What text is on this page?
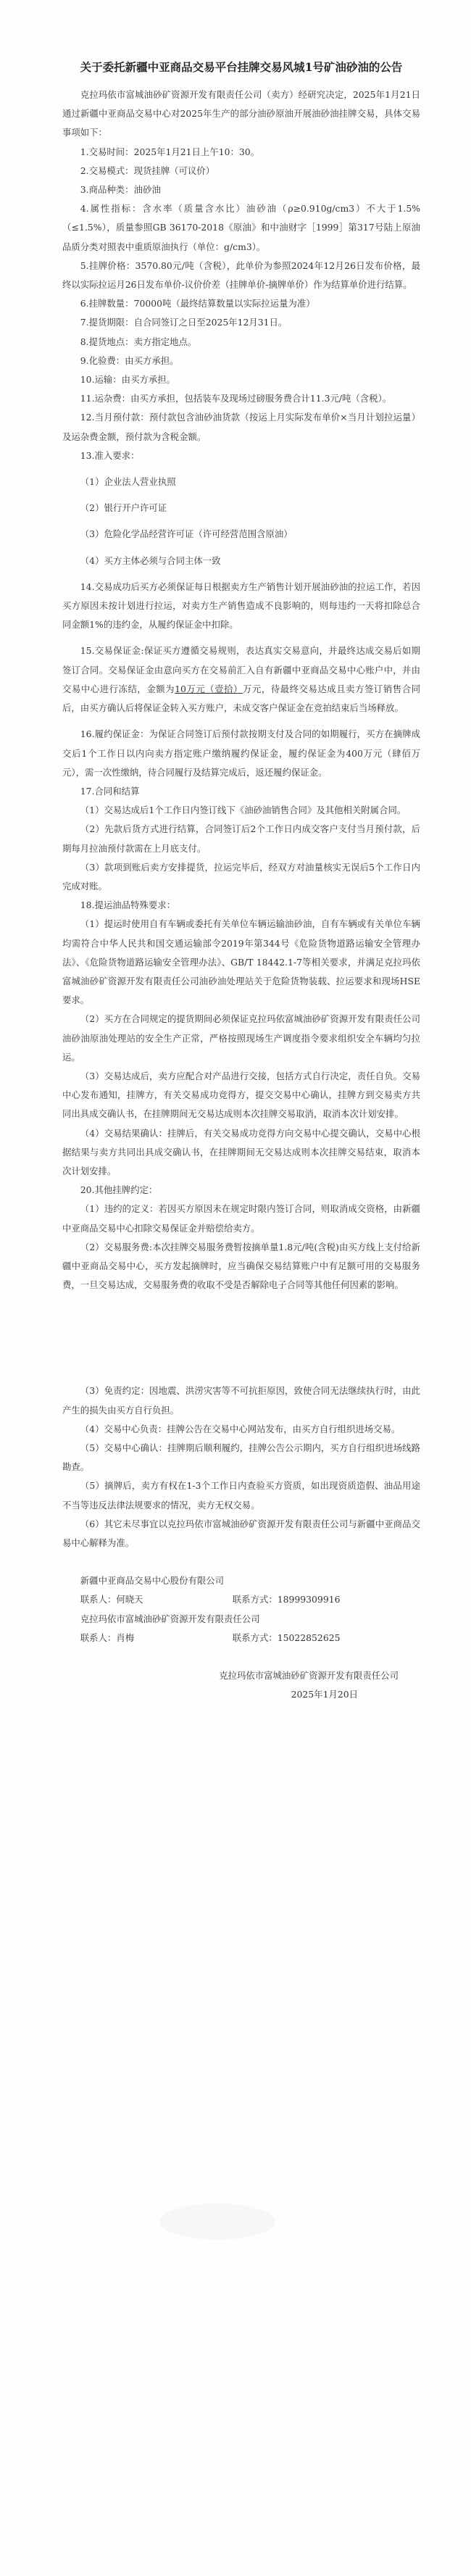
关于委托新疆中亚商品交易平台挂牌交易风城1号矿油砂油的公告

克拉玛依市富城油砂矿资源开发有限责任公司（卖方）经研究决定，2025年1月21日通过新疆中亚商品交易中心对2025年生产的部分油砂原油开展油砂油挂牌交易，具体交易事项如下：

1.交易时间：2025年1月21日上午10：30。

2.交易模式：现货挂牌（可议价）

3.商品种类：油砂油

4.属性指标：含水率（质量含水比）油砂油（ρ≥0.910g/cm3）不大于1.5%（≤1.5%），质量参照GB 36170-2018《原油》和中油财字［1999］第317号陆上原油品质分类对照表中重质原油执行（单位：g/cm3）。

5.挂牌价格：3570.80元/吨（含税），此单价为参照2024年12月26日发布价格，最终以实际拉运月26日发布单价-议价价差（挂牌单价-摘牌单价）作为结算单价进行结算。

6.挂牌数量：70000吨（最终结算数量以实际拉运量为准）

7.提货期限：自合同签订之日至2025年12月31日。

8.提货地点：卖方指定地点。

9.化验费：由买方承担。

10.运输：由买方承担。

11.运杂费：由买方承担，包括装车及现场过磅服务费合计11.3元/吨（含税）。

12.当月预付款：预付款包含油砂油货款（按运上月实际发布单价×当月计划拉运量）及运杂费金额，预付款为含税金额。

13.准入要求：

（1）企业法人营业执照

（2）银行开户许可证

（3）危险化学品经营许可证（许可经营范围含原油）

（4）买方主体必须与合同主体一致

14.交易成功后买方必须保证每日根据卖方生产销售计划开展油砂油的拉运工作，若因买方原因未按计划进行拉运，对卖方生产销售造成不良影响的，则每违约一天将扣除总合同金额1%的违约金，从履约保证金中扣除。

15.交易保证金:保证买方遵循交易规则，表达真实交易意向，并最终达成交易后如期签订合同。交易保证金由意向买方在交易前汇入自有新疆中亚商品交易中心账户中，并由交易中心进行冻结，金额为10万元（壹拾）万元，待最终交易达成且卖方签订销售合同后，由买方确认后将保证金转入买方账户，未成交客户保证金在竞拍结束后当场释放。

16.履约保证金：为保证合同签订后预付款按期支付及合同的如期履行，买方在摘牌成交后1个工作日以内向卖方指定账户缴纳履约保证金，履约保证金为400万元（肆佰万元），需一次性缴纳，待合同履行及结算完成后，返还履约保证金。

17.合同和结算

（1）交易达成后1个工作日内签订线下《油砂油销售合同》及其他相关附属合同。

（2）先款后货方式进行结算，合同签订后2个工作日内成交客户支付当月预付款，后期每月拉油预付款需在上月底支付。

（3）款项到账后卖方安排提货，拉运完毕后，经双方对油量核实无误后5个工作日内完成对账。

18.提运油品特殊要求：

（1）提运时使用自有车辆或委托有关单位车辆运输油砂油，自有车辆或有关单位车辆均需符合中华人民共和国交通运输部令2019年第344号《危险货物道路运输安全管理办法》、《危险货物道路运输安全管理办法》、GB/T 18442.1-7等相关要求，并满足克拉玛依富城油砂矿资源开发有限责任公司油砂油处理站关于危险货物装载、拉运要求和现场HSE要求。

（2）买方在合同规定的提货期间必须保证克拉玛依富城油砂矿资源开发有限责任公司油砂油原油处理站的安全生产正常，严格按照现场生产调度指令要求组织安全车辆均匀拉运。

（3）交易达成后，卖方应配合对产品进行交接，包括方式自行决定，责任自负。交易中心发布通知，挂牌方，有关交易成功竞得方，提交交易中心确认，挂牌方到交易卖方共同出具成交确认书，在挂牌期间无交易达成则本次挂牌交易取消，取消本次计划安排。

（4）交易结果确认：挂牌后，有关交易成功竞得方向交易中心提交确认，交易中心根据结果与卖方共同出具成交确认书，在挂牌期间无交易达成则本次挂牌交易结束，取消本次计划安排。

20.其他挂牌约定：

（1）违约的定义：若因买方原因未在规定时限内签订合同，则取消成交资格，由新疆中亚商品交易中心扣除交易保证金并赔偿给卖方。

（2）交易服务费:本次挂牌交易服务费暂按摘单量1.8元/吨(含税)由买方线上支付给新疆中亚商品交易中心，买方发起摘牌时，应当确保交易结算账户中有足额可用的交易服务费，一旦交易达成，交易服务费的收取不受是否解除电子合同等其他任何因素的影响。

（3）免责约定：因地震、洪涝灾害等不可抗拒原因，致使合同无法继续执行时，由此产生的损失由买方自行负担。

（4）交易中心负责：挂牌公告在交易中心网站发布，由买方自行组织进场交易。

（5）交易中心确认：挂牌期后顺利履约，挂牌公告公示期内，买方自行组织进场线路勘查。

（5）摘牌后，卖方有权在1-3个工作日内查验买方资质，如出现资质造假、油品用途不当等违反法律法规要求的情况，卖方无权交易。

（6）其它未尽事宜以克拉玛依市富城油砂矿资源开发有限责任公司与新疆中亚商品交易中心解释为准。

新疆中亚商品交易中心股份有限公司

联系人：何晓天	联系方式：18999309916

克拉玛依市富城油砂矿资源开发有限责任公司

联系人：肖梅	联系方式：15022852625

克拉玛依市富城油砂矿资源开发有限责任公司

2025年1月20日
